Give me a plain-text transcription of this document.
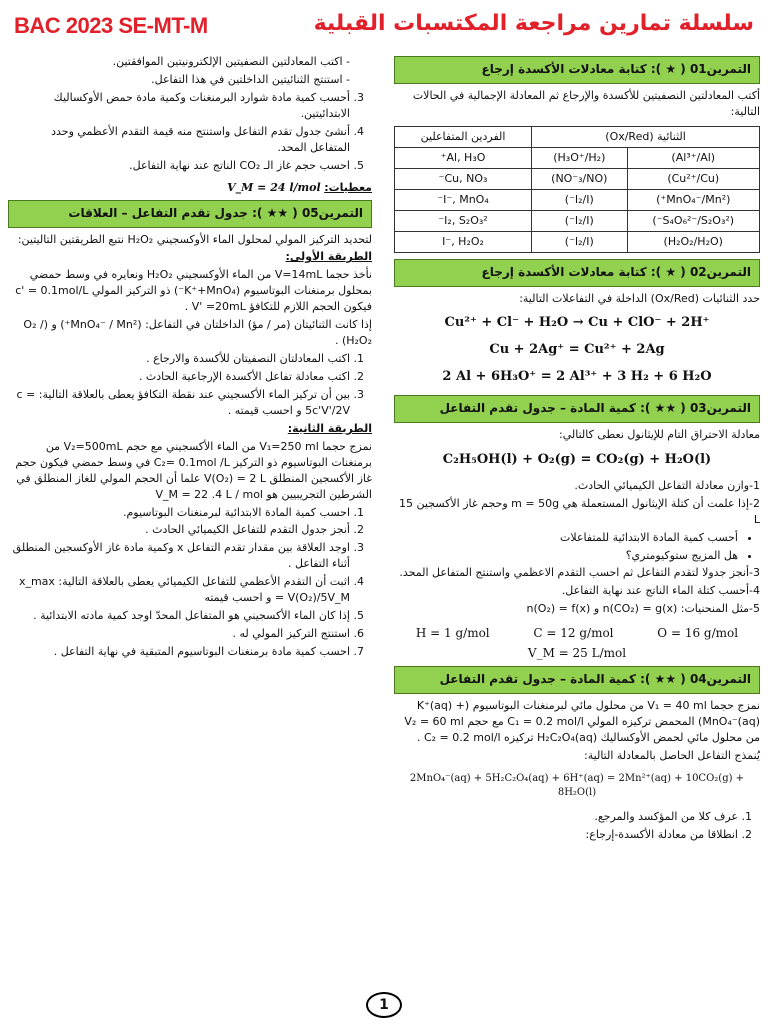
BAC 2023 SE-MT-M	سلسلة تمارين مراجعة المكتسبات القبلية
التمرين01 ( ★ ): كتابة معادلات الأكسدة إرجاع

أكتب المعادلتين النصفيتين للأكسدة والإرجاع ثم المعادلة الإجمالية في الحالات التالية:

الثنائية (Ox/Red)		الفردين المتفاعلين
(Al³⁺/Al)	(H₃O⁺/H₂)	Al, H₃O⁺
(Cu²⁺/Cu)	(NO⁻₃/NO)	Cu, NO₃⁻
(MnO₄⁻/Mn²⁺)	(I₂/I⁻)	I⁻, MnO₄⁻
(S₄O₆²⁻/S₂O₃²⁻)	(I₂/I⁻)	I₂, S₂O₃²⁻
(H₂O₂/H₂O)	(I₂/I⁻)	I⁻, H₂O₂
التمرين02 ( ★ ): كتابة معادلات الأكسدة إرجاع

حدد الثنائيات (Ox/Red) الداخلة في التفاعلات التالية:

Cu²⁺ + Cl⁻ + H₂O → Cu + ClO⁻ + 2H⁺
Cu + 2Ag⁺ = Cu²⁺ + 2Ag
2 Al + 6H₃O⁺ = 2 Al³⁺ + 3 H₂ + 6 H₂O
التمرين03 ( ★★ ): كمية المادة – جدول تقدم التفاعل

معادلة الاحتراق التام للإيثانول نعطى كالتالي:

C₂H₅OH(l) + O₂(g) = CO₂(g) + H₂O(l)

1-وازن معادلة التفاعل الكيميائي الحادث.

2-إذا علمت أن كتلة الإيثانول المستعملة هي m = 50g وحجم غاز الأكسجين 15 L

• أحسب كمية المادة الابتدائية للمتفاعلات
• هل المزيج ستوكيومتري؟

3-أنجز جدولا لتقدم التفاعل ثم احسب التقدم الاعظمي واستنتج المتفاعل المحد.

4-أحسب كتلة الماء الناتج عند نهاية التفاعل.

5-مثل المنحنيات: n(CO₂) = g(x) و n(O₂) = f(x)

H = 1 g/mol	C = 12 g/mol	O = 16 g/mol
V_M = 25 L/mol
التمرين04 ( ★★ ): كمية المادة – جدول تقدم التفاعل

نمزج حجما V₁ = 40 ml من محلول مائي لبرمنغنات البوتاسيوم (K⁺(aq) + MnO₄⁻(aq)) المحمض تركيزه المولي C₁ = 0.2 mol/l مع حجم V₂ = 60 ml من محلول مائي لحمض الأوكساليك H₂C₂O₄(aq) تركيزه C₂ = 0.2 mol/l .

يُنمذج التفاعل الحاصل بالمعادلة التالية:

2MnO₄⁻(aq) + 5H₂C₂O₄(aq) + 6H⁺(aq) = 2Mn²⁺(aq) + 10CO₂(g) + 8H₂O(l)
1. عرف كلا من المؤكسد والمرجع.
2. انطلاقا من معادلة الأكسدة-إرجاع:
- اكتب المعادلتين النصفيتين الإلكترونيتين الموافقتين.
- استنتج الثنائيتين الداخلتين في هذا التفاعل.
3. أحسب كمية مادة شوارد البرمنغنات وكمية مادة حمض الأوكساليك الابتدائيتين.
4. أنشئ جدول تقدم التفاعل واستنتج منه قيمة التقدم الأعظمي وحدد المتفاعل المحد.
5. احسب حجم غاز الـ CO₂ الناتج عند نهاية التفاعل.

معطيات: V_M = 24 l/mol

التمرين05 ( ★★ ): جدول تقدم التفاعل – العلاقات

لتحديد التركيز المولي لمحلول الماء الأوكسجيني H₂O₂ نتبع الطريقتين التاليتين:

الطريقة الأولى:

نأخذ حجما V=14mL من الماء الأوكسجيني H₂O₂ ونعايره في وسط حمضي بمحلول برمنغنات البوتاسيوم (K⁺+MnO₄⁻) ذو التركيز المولي c' = 0.1mol/L فيكون الحجم اللازم للتكافؤ V' =20mL .

إذا كانت الثنائيتان (مر / مؤ) الداخلتان في التفاعل: (MnO₄⁻ / Mn²⁺) و (O₂ / H₂O₂) .

1. اكتب المعادلتان النصفيتان للأكسدة والارجاع .
2. اكتب معادلة تفاعل الأكسدة الإرجاعية الحادث .
3. بين أن تركيز الماء الأكسجيني عند نقطة التكافؤ يعطى بالعلاقة التالية: c = 5c'V'/2V و احسب قيمته .

الطريقة الثانية:

نمزج حجما V₁=250 ml من الماء الأكسجيني مع حجم V₂=500mL من برمنغنات البوتاسيوم ذو التركيز C₂= 0.1mol /L في وسط حمضي فيكون حجم غاز الأكسجين المنطلق V(O₂) = 2 L علما أن الحجم المولي للغاز المنطلق في الشرطين التجريبيين هو V_M = 22 .4 L / mol

1. احسب كمية المادة الابتدائية لبرمنغنات البوتاسيوم.
2. أنجز جدول التقدم للتفاعل الكيميائي الحادث .
3. اوجد العلاقة بين مقدار تقدم التفاعل x وكمية مادة غاز الأوكسجين المنطلق أثناء التفاعل .
4. اثبت أن التقدم الأعظمي للتفاعل الكيميائي يعطى بالعلاقة التالية: x_max = V(O₂)/5V_M و احسب قيمته
5. إذا كان الماء الأكسجيني هو المتفاعل المحدّ اوجد كمية مادته الابتدائية .
6. استنتج التركيز المولي له .
7. احسب كمية مادة برمنغنات البوتاسيوم المتبقية في نهاية التفاعل .
1
